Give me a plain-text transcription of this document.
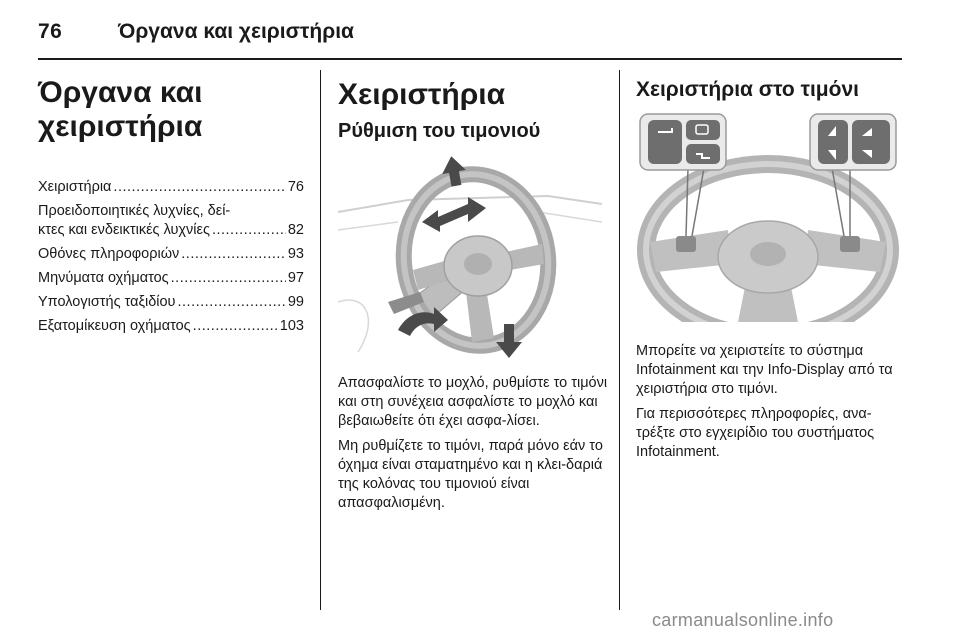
76	Όργανα και χειριστήρια
Όργανα και
χειριστήρια
Χειριστήρια .....	76
Προειδοποιητικές λυχνίες, δεί-
κτες και ενδεικτικές λυχνίες .....	82
Οθόνες πληροφοριών .....	93
Μηνύματα οχήματος .....	97
Υπολογιστής ταξιδίου .....	99
Εξατομίκευση οχήματος .....	103
Χειριστήρια
Ρύθμιση του τιμονιού

Απασφαλίστε το μοχλό, ρυθμίστε το τιμόνι και στη συνέχεια ασφαλίστε το μοχλό και βεβαιωθείτε ότι έχει ασφα-λίσει.

Μη ρυθμίζετε το τιμόνι, παρά μόνο εάν το όχημα είναι σταματημένο και η κλει-δαριά της κολόνας του τιμονιού είναι απασφαλισμένη.

Χειριστήρια στο τιμόνι

Μπορείτε να χειριστείτε το σύστημα Infotainment και την Info-Display από τα χειριστήρια στο τιμόνι.

Για περισσότερες πληροφορίες, ανα-τρέξτε στο εγχειρίδιο του συστήματος Infotainment.

carmanualsonline.info
